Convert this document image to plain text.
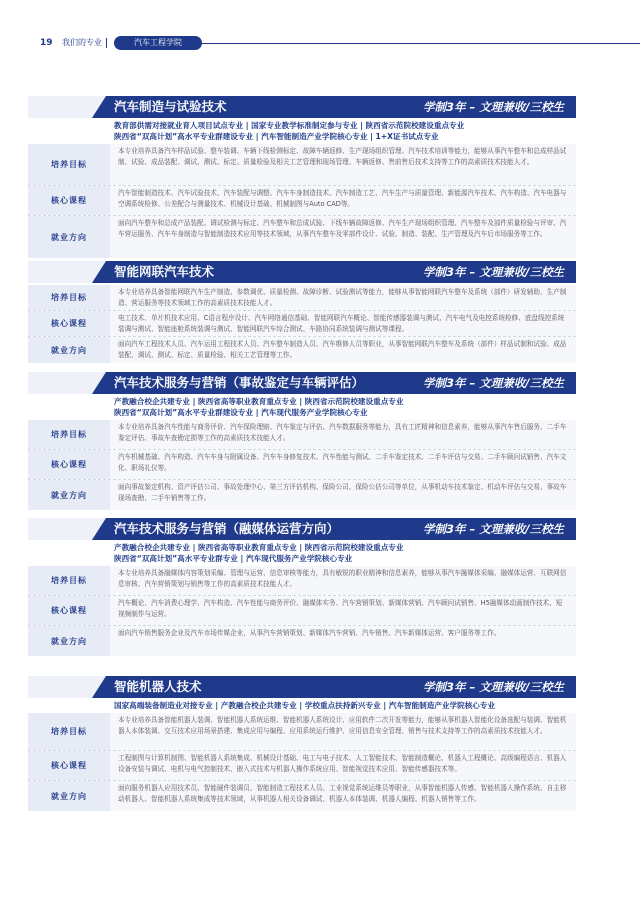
19 我们的专业	汽车工程学院
汽车制造与试验技术	学制3年 – 文理兼收/三校生
教育部供需对接就业育人项目试点专业 | 国家专业教学标准制定参与专业 | 陕西省示范院校建设重点专业
陕西省“双高计划”高水平专业群建设专业 | 汽车智能制造产业学院核心专业 | 1+X证书试点专业
培养目标
本专业培养具备汽车样品试验、整车装调、车辆下线检测标定、故障车辆返修、生产现场组织管理、汽车技术培训等能力，能够从事汽车整车和总成样品试制、试验、成品装配、调试、测试、标定、质量检验及相关工艺管理和现场管理、车辆返修、售前售后技术支持等工作的高素质技术技能人才。
核心课程
汽车智能制造技术、汽车试验技术、汽车装配与调整、汽车车身制造技术、汽车制造工艺、汽车生产与质量管理、新能源汽车技术、汽车构造、汽车电器与空调系统检修、公差配合与测量技术、机械设计基础、机械制图与Auto CAD等。
就业方向
面向汽车整车和总成产品装配、调试检测与标定、汽车整车和总成试验、下线车辆故障返修、汽车生产现场组织管理、汽车整车及部件质量检验与评审、汽车营运服务、汽车车身制造与智能制造技术应用等技术领域，从事汽车整车及零部件设计、试验、制造、装配、生产管理及汽车后市场服务等工作。
智能网联汽车技术	学制3年 – 文理兼收/三校生
培养目标
本专业培养具备智能网联汽车生产制造、参数调优、质量检测、故障诊断、试验测试等能力，能够从事智能网联汽车整车及系统（部件）研发辅助、生产制造、营运服务等技术领域工作的高素质技术技能人才。
核心课程
电工技术、单片机技术应用、C语言程序设计、汽车网络通信基础、智能网联汽车概论、智能传感器装调与测试、汽车电气及电控系统检修、底盘线控系统装调与测试、智能座舱系统装调与测试、智能网联汽车综合测试、车路协同系统装调与测试等课程。
就业方向
面向汽车工程技术人员、汽车运用工程技术人员、汽车整车制造人员、汽车维修人员等职业，从事智能网联汽车整车及系统（部件）样品试制和试验、成品装配、调试、测试、标定、质量检验、相关工艺管理等工作。
汽车技术服务与营销（事故鉴定与车辆评估）	学制3年 – 文理兼收/三校生
产教融合校企共建专业 | 陕西省高等职业教育重点专业 | 陕西省示范院校建设重点专业
陕西省“双高计划”高水平专业群建设专业 | 汽车现代服务产业学院核心专业
培养目标
本专业培养具备汽车性能与商务评价、汽车保险理赔、汽车鉴定与评估、汽车数据服务等能力，具有工匠精神和信息素养，能够从事汽车售后服务、二手车鉴定评估、事故车查勘定损等工作的高素质技术技能人才。
核心课程
汽车机械基础、汽车构造、汽车车身与附属设备、汽车车身修复技术、汽车性能与测试、二手车鉴定技术、二手车评估与交易、二手车顾问试销售、汽车文化、职场礼仪等。
就业方向
面向事故鉴定机构、资产评估公司、事故处理中心、第三方评估机构、保险公司、保险公估公司等单位，从事机动车技术鉴定、机动车评估与交易、事故车现场查勘、二手车销售等工作。
汽车技术服务与营销（融媒体运营方向）	学制3年 – 文理兼收/三校生
产教融合校企共建专业 | 陕西省高等职业教育重点专业 | 陕西省示范院校建设重点专业
陕西省“双高计划”高水平专业群专业 | 汽车现代服务产业学院核心专业
培养目标
本专业培养具备融媒体内容策划采编、管理与运营、信息审核等能力，具有敏锐的职业精神和信息素养，能够从事汽车融媒体采编、融媒体运营、互联网信息审核、汽车营销策划与销售等工作的高素质技术技能人才。
核心课程
汽车概论、汽车消费心理学、汽车构造、汽车性能与商务评价、融媒体实务、汽车营销策划、新媒体营销、汽车顾问试销售、H5融媒体动画制作技术、短视频制作与运营。
就业方向
面向汽车销售服务企业及汽车市场传媒企业，从事汽车营销策划、新媒体汽车营销、汽车销售、汽车新媒体运营、客户服务等工作。
智能机器人技术	学制3年 – 文理兼收/三校生
国家高端装备制造业对接专业 | 产教融合校企共建专业 | 学校重点扶持新兴专业 | 汽车智能制造产业学院核心专业
培养目标
本专业培养具备智能机器人装调、智能机器人系统运维、智能机器人系统设计、应用软件二次开发等能力，能够从事机器人智能化设备选配与装调、智能机器人本体装调、交互技术应用场景搭建、集成应用与编程、应用系统运行维护、应用信息安全管理、销售与技术支持等工作的高素质技术技能人才。
核心课程
工程制图与计算机制图、智能机器人系统集成、机械设计基础、电工与电子技术、人工智能技术、智能制造概论、机器人工程概论、高级编程语言、机器人设备安装与调试、电机与电气控制技术、嵌入式技术与机器人操作系统应用、智能视觉技术应用、智能传感器技术等。
就业方向
面向服务机器人应用技术员、智能硬件装调员、智能制造工程技术人员、工业视觉系统运维员等职业，从事智能机器人传感、智能机器人操作系统、自主移动机器人、智能机器人系统集成等技术领域，从事机器人相关设备调试、机器人本体装调、机器人编程、机器人销售等工作。
